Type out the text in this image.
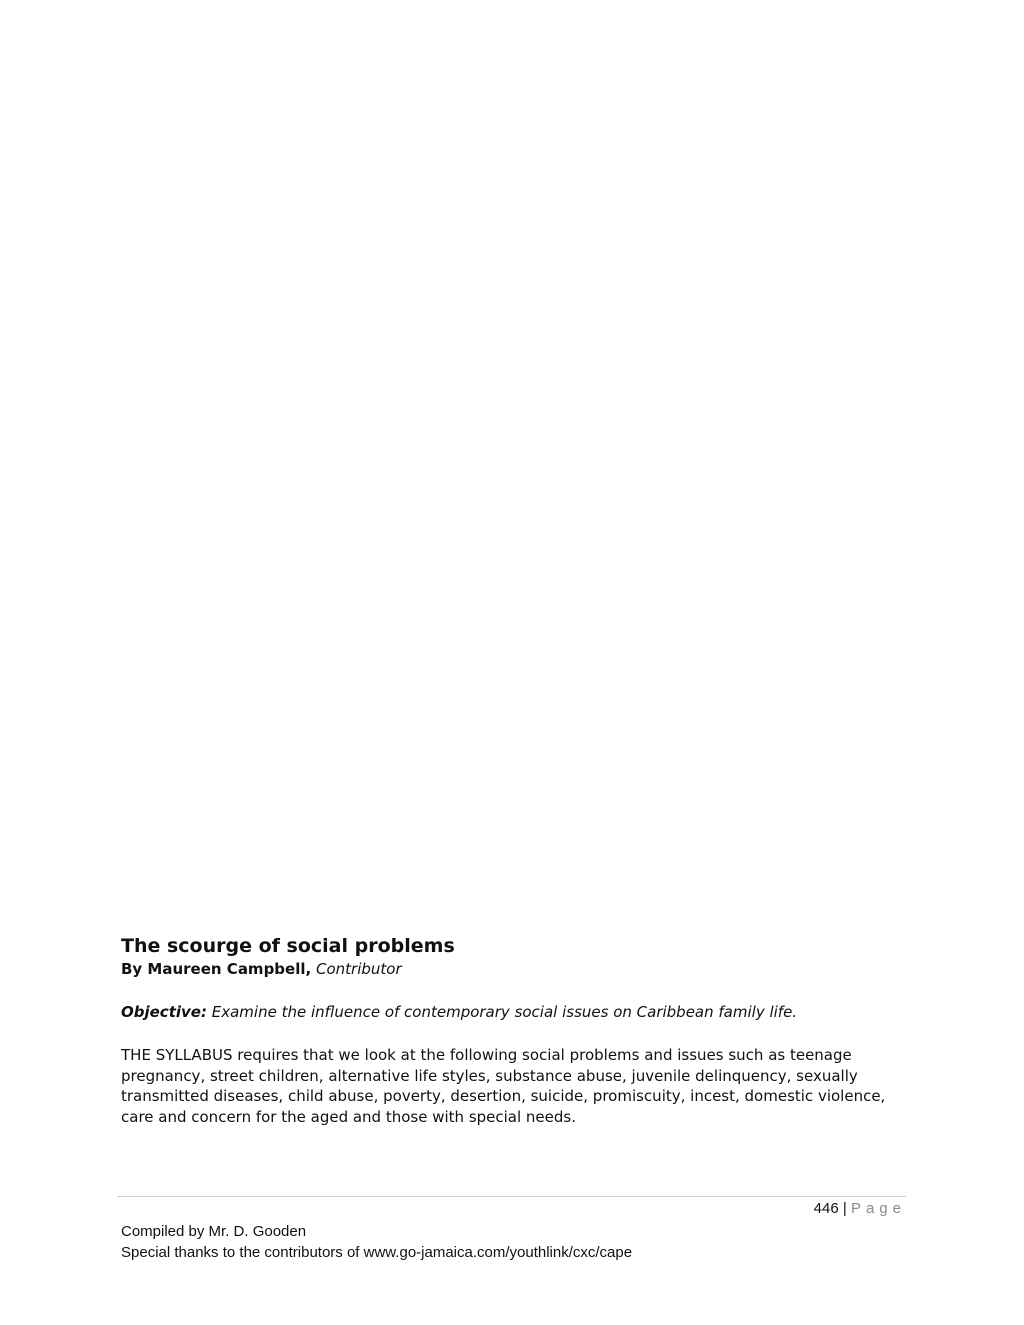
The scourge of social problems

By Maureen Campbell, Contributor

Objective: Examine the influence of contemporary social issues on Caribbean family life.

THE SYLLABUS requires that we look at the following social problems and issues such as teenage pregnancy, street children, alternative life styles, substance abuse, juvenile delinquency, sexually transmitted diseases, child abuse, poverty, desertion, suicide, promiscuity, incest, domestic violence, care and concern for the aged and those with special needs.

446 | Page
Compiled by Mr. D. Gooden
Special thanks to the contributors of www.go-jamaica.com/youthlink/cxc/cape
